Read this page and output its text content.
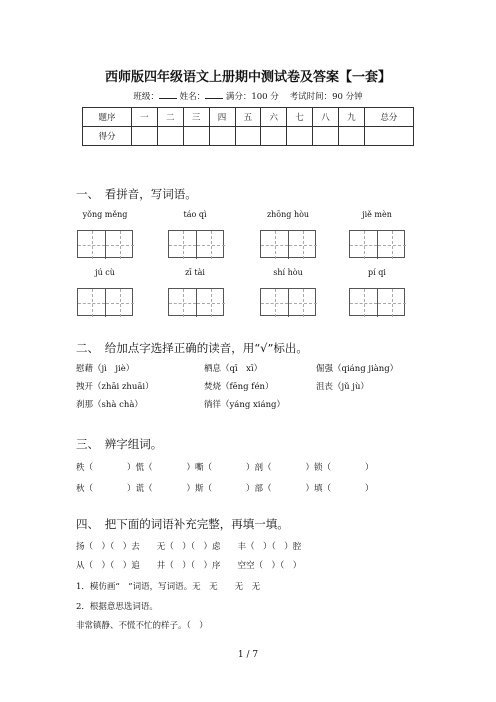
西师版四年级语文上册期中测试卷及答案【一套】
班级： 姓名： 满分：100 分 考试时间：90 分钟
题序	一	二	三	四	五	六	七	八	九	总分
得分										
一、　看拼音，写词语。
yǒng měng	táo qì	zhōng hòu	jiě mèn
jú cù	zī tài	shí hòu	pí qi
二、　给加点字选择正确的读音，用“√”标出。
慰藉（jì　jiè）	栖息（qī　xī）	倔强（qiáng jiàng）
拽开（zhāi zhuāi）	焚烧（fēng fén）	沮丧（jǔ jù）
刹那（shà chà）	徜徉（yáng xiáng）
三、　辨字组词。
秩（　　　　）慌（　　　　）嘶（　　　　）剖（　　　　）锁（　　　　）
秋（　　　　）谎（　　　　）斯（　　　　）部（　　　　）填（　　　　）
四、　把下面的词语补充完整，再填一填。
扬（　）（　）去　　无（　）（　）虑　　丰（　）（　）腔
从（　）（　）追　　井（　）（　）序　　空空（　）（　）
1．模仿画“　”词语，写词语。无　无　　无　无
2．根据意思选词语。
非常镇静、不慌不忙的样子。（　）
1 / 7
